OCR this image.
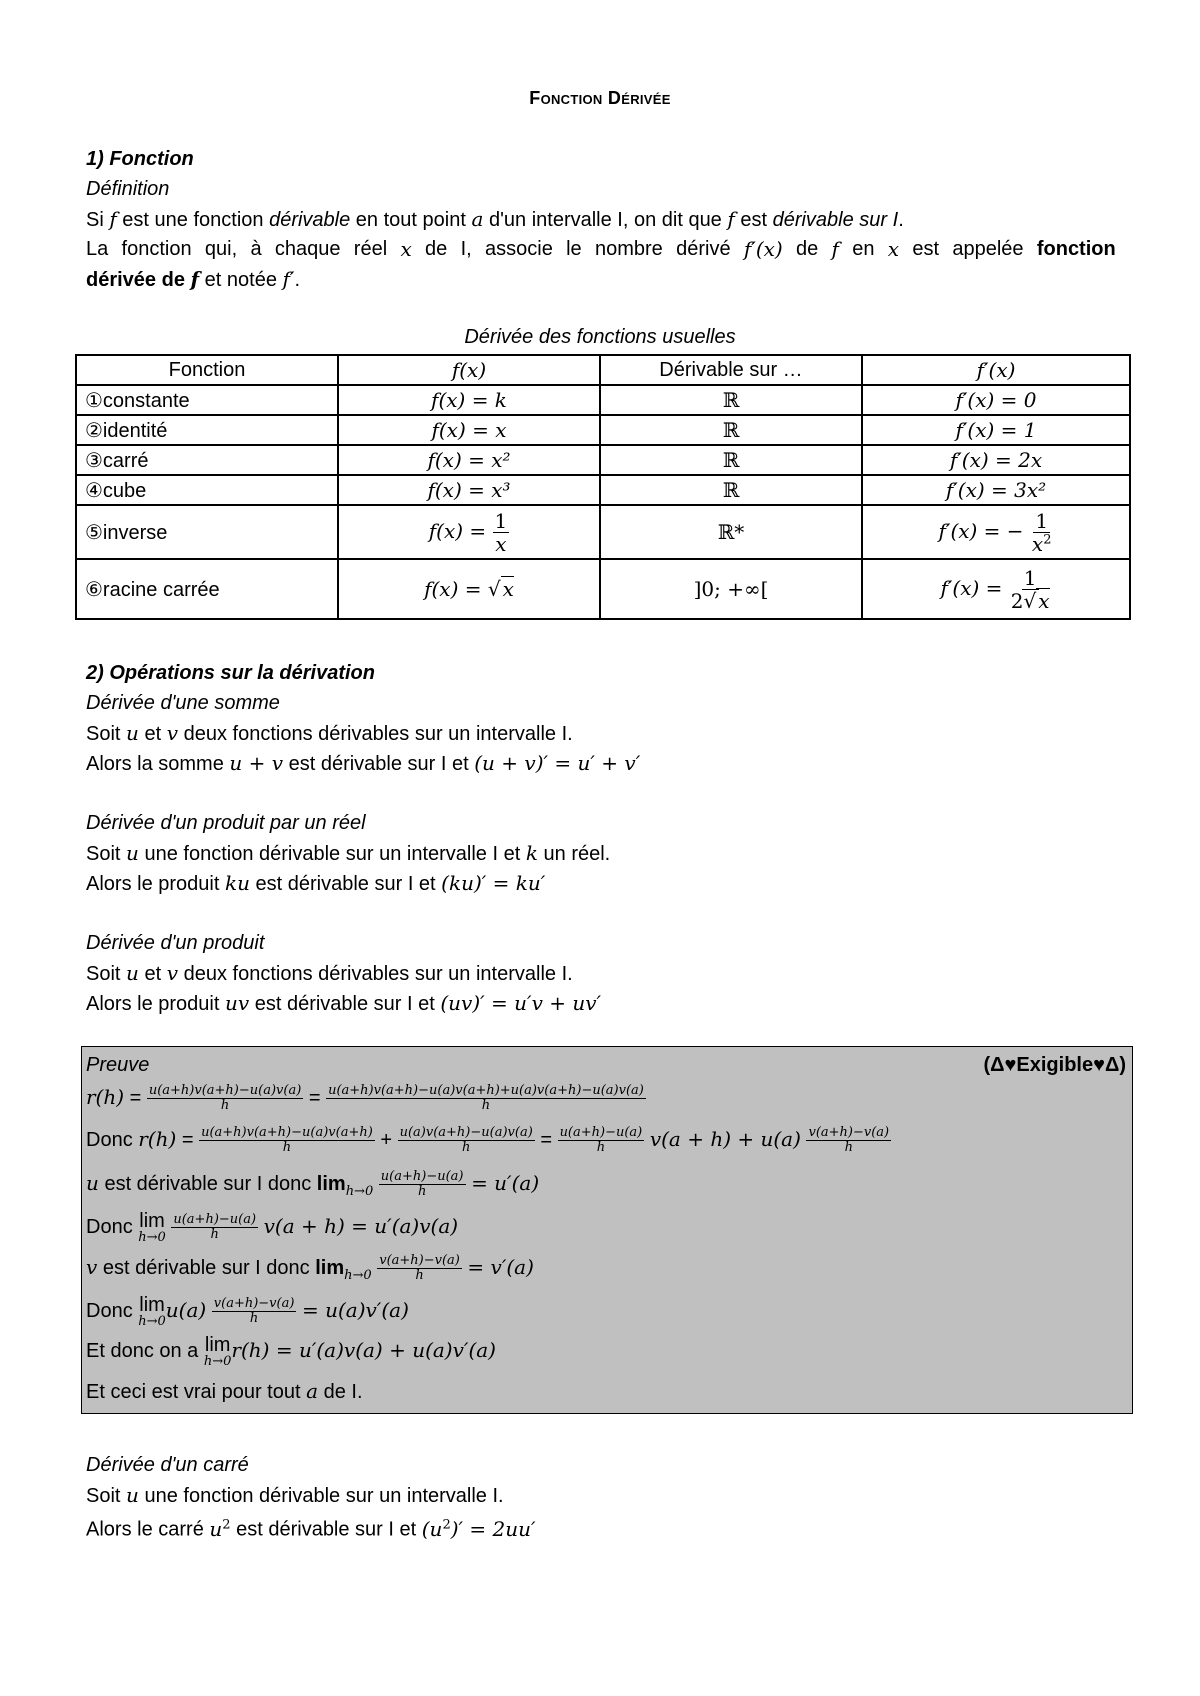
Fonction Dérivée
1) Fonction
Définition
Si f est une fonction dérivable en tout point a d'un intervalle I, on dit que f est dérivable sur I.
La fonction qui, à chaque réel x de I, associe le nombre dérivé f′(x) de f en x est appelée fonction
dérivée de f et notée f′.
Dérivée des fonctions usuelles
Fonction	f(x)	Dérivable sur …	f′(x)
①constante	f(x) = k	ℝ	f′(x) = 0
②identité	f(x) = x	ℝ	f′(x) = 1
③carré	f(x) = x²	ℝ	f′(x) = 2x
④cube	f(x) = x³	ℝ	f′(x) = 3x²
⑤inverse	$f(x) = \frac{1}{x}$	ℝ*	f′(x) = − $\frac{1}{x^2}$

⑥racine carrée	f(x) = √ x	]0; +∞[	$f'(x) = \frac{1}{2√ x}$
2) Opérations sur la dérivation
Dérivée d'une somme
Soit u et v deux fonctions dérivables sur un intervalle I.
Alors la somme u + v est dérivable sur I et (u + v)′ = u′ + v′
Dérivée d'un produit par un réel
Soit u une fonction dérivable sur un intervalle I et k un réel.
Alors le produit ku est dérivable sur I et (ku)′ = ku′
Dérivée d'un produit
Soit u et v deux fonctions dérivables sur un intervalle I.
Alors le produit uv est dérivable sur I et (uv)′ = u′v + uv′
Preuve	(Δ♥Exigible♥Δ)
$r(h) = \frac{u(a+h)v(a+h)-u(a)v(a)}{h} = \frac{u(a+h)v(a+h)-u(a)v(a+h)+u(a)v(a+h)-u(a)v(a)}{h}$
Donc $r(h) = \frac{u(a+h)v(a+h)-u(a)v(a+h)}{h} + \frac{u(a)v(a+h)-u(a)v(a)}{h} = \frac{u(a+h)-u(a)}{h} v(a + h) + u(a) \frac{v(a+h)-v(a)}{h}$
u est dérivable sur I donc $\lim_{h\to 0} \frac{u(a+h)-u(a)}{h} = u'(a)$
Donc lim
h→0
$\frac{u(a+h)-u(a)}{h} v(a + h) = u'(a)v(a)$
v est dérivable sur I donc $\lim_{h\to 0} \frac{v(a+h)-v(a)}{h} = v'(a)$
Donc lim
h→0 $u(a) \frac{v(a+h)-v(a)}{h} = u(a)v'(a)$
Et donc on a lim
h→0 r(h) = u′(a)v(a) + u(a)v′(a)
Et ceci est vrai pour tout a de I.
Dérivée d'un carré
Soit u une fonction dérivable sur un intervalle I.
Alors le carré $u^2$ est dérivable sur I et $(u^2)' = 2uu'$
